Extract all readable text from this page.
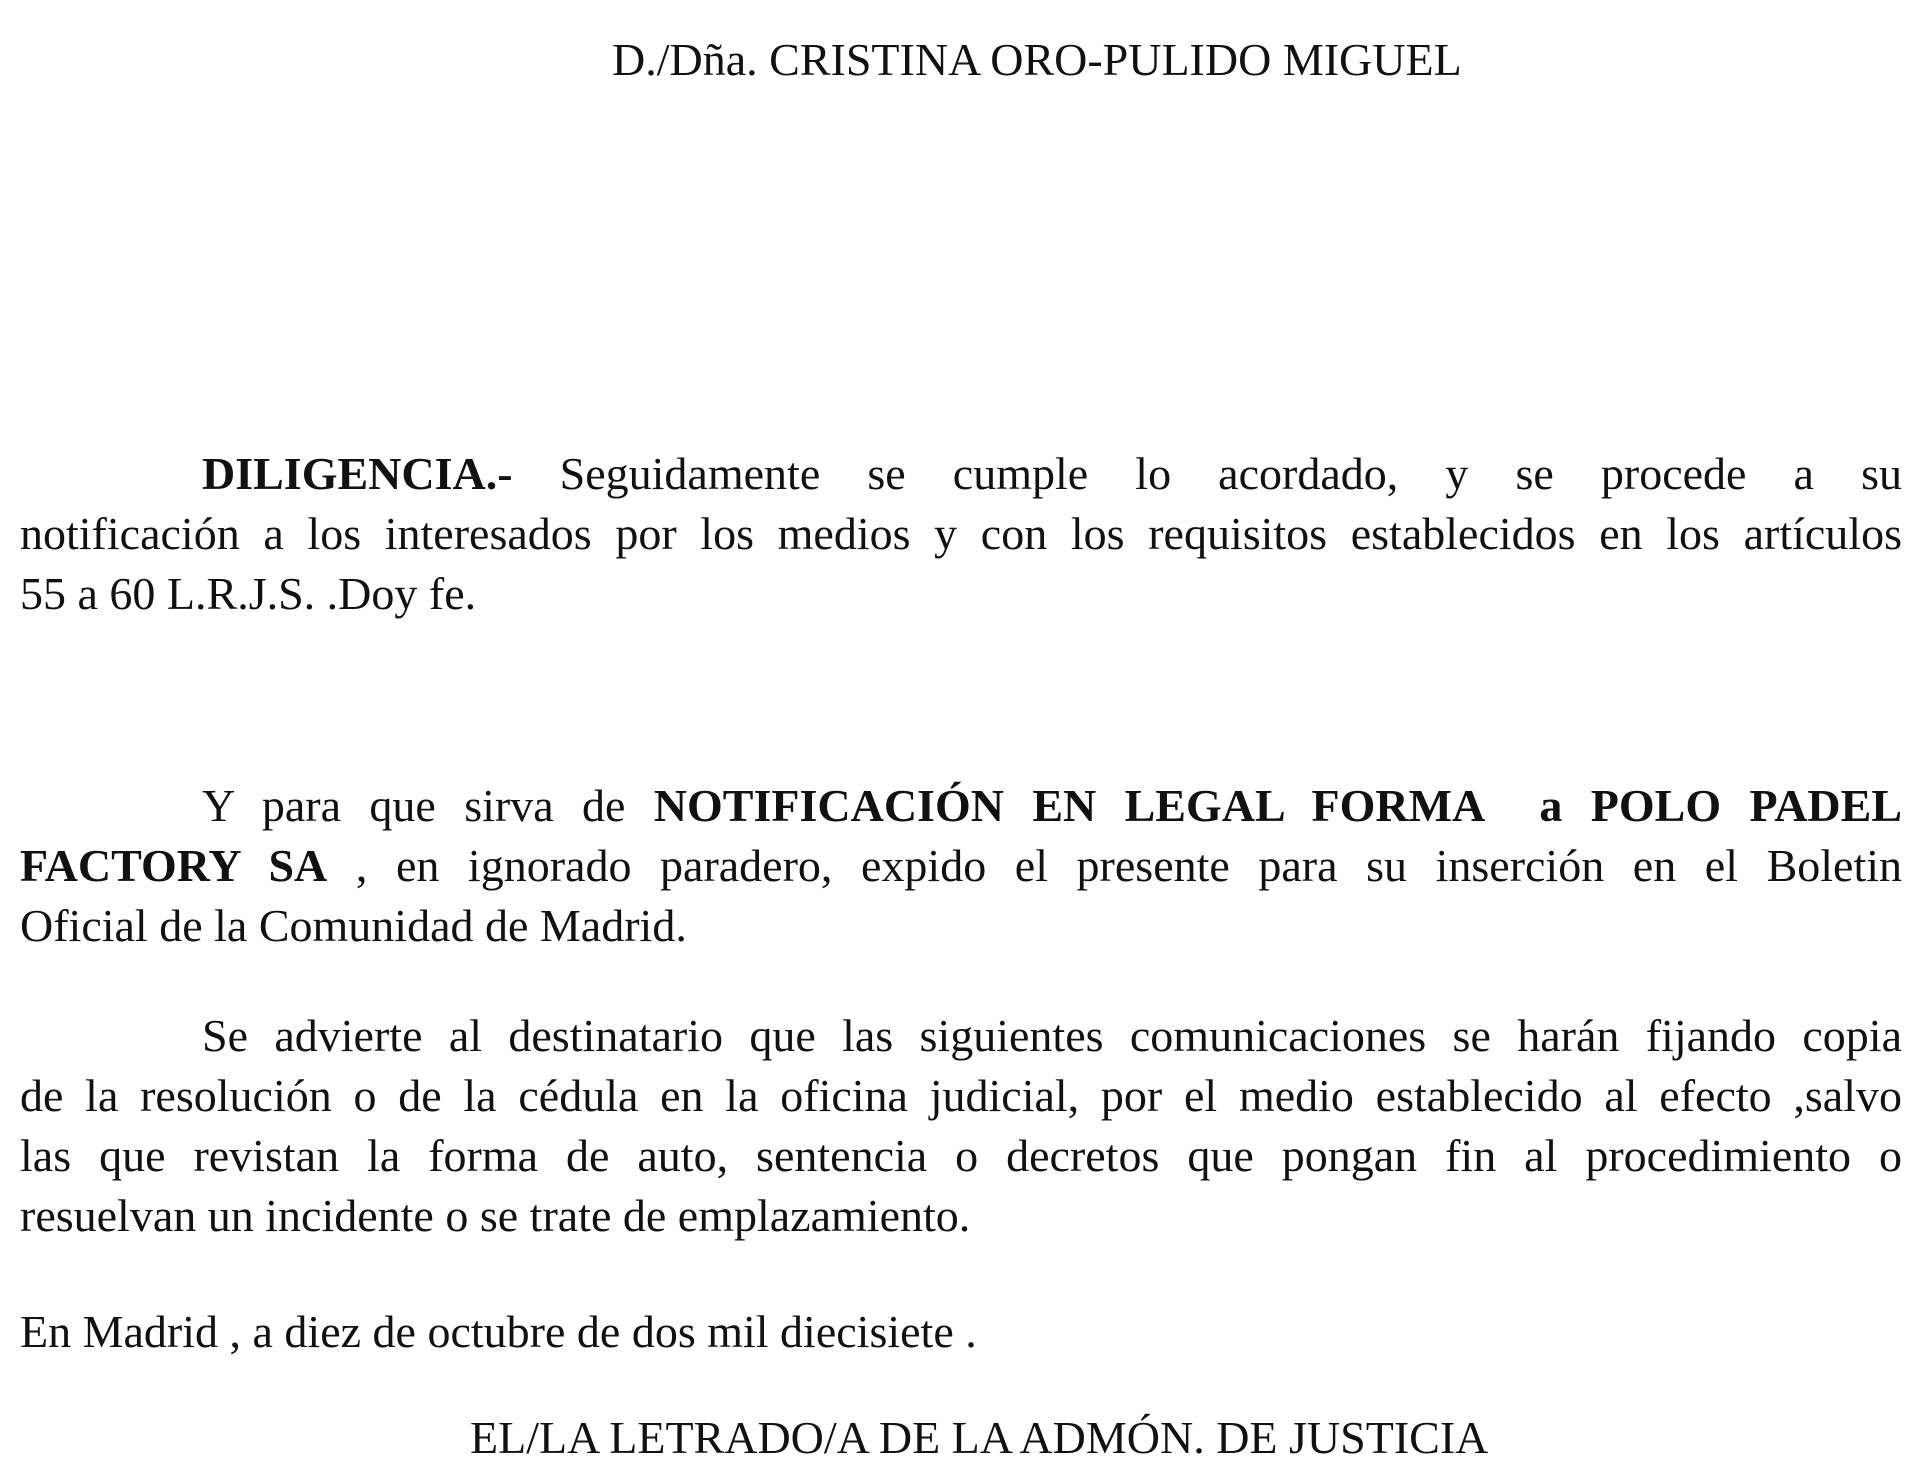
D./Dña. CRISTINA ORO-PULIDO MIGUEL
DILIGENCIA.- Seguidamente se cumple lo acordado, y se procede a su
notificación a los interesados por los medios y con los requisitos establecidos en los artículos
55 a 60 L.R.J.S. .Doy fe.
Y para que sirva de NOTIFICACIÓN EN LEGAL FORMA  a POLO PADEL
FACTORY SA , en ignorado paradero, expido el presente para su inserción en el Boletin
Oficial de la Comunidad de Madrid.
Se advierte al destinatario que las siguientes comunicaciones se harán fijando copia
de la resolución o de la cédula en la oficina judicial, por el medio establecido al efecto ,salvo
las que revistan la forma de auto, sentencia o decretos que pongan fin al procedimiento o
resuelvan un incidente o se trate de emplazamiento.
En Madrid , a diez de octubre de dos mil diecisiete .
EL/LA LETRADO/A DE LA ADMÓN. DE JUSTICIA
